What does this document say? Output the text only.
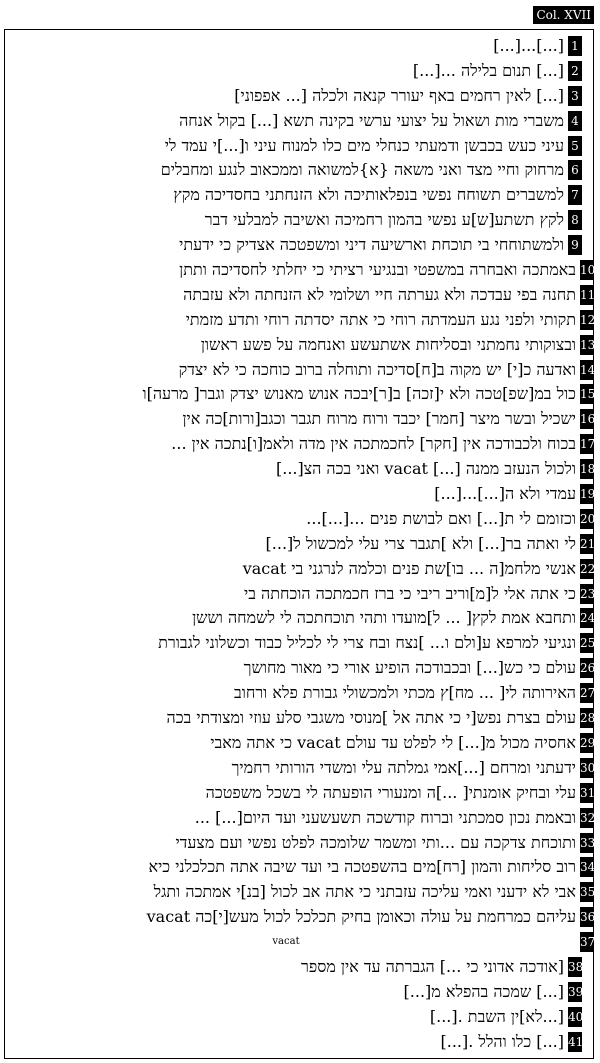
Col. XVII
[...]...[...] 1
[...] תנום בלילה ...[...] 2
[...] לאין רחמים באף יעורר קנאה ולכלה [... אפפוני] 3
משברי מות ושאול על יצועי ערשי בקינה תשא [...] בקול אנחה 4
עיני כעש בכבשן ודמעתי כנחלי מים כלו למנוח עיני ו[...]י עמד לי 5
מרחוק וחיי מצד ואני משאה {א}למשואה וממכאוב לנגע ומחבלים 6
למשברים תשוחח נפשי בנפלאותיכה ולא הזנחתני בחסדיכה מקץ 7
לקץ תשתע[ש]ע נפשי בהמון רחמיכה ואשיבה למבלעי דבר 8
ולמשתוחחי בי תוכחת וארשיעה דיני ומשפטכה אצדיק כי ידעתי 9
באמתכה ואבחרה במשפטי ובנגיעי רציתי כי יחלתי לחסדיכה ותתן 10
תחנה בפי עבדכה ולא גערתה חיי ושלומי לא הזנחתה ולא עזבתה 11
תקותי ולפני נגע העמדתה רוחי כי אתה יסדתה רוחי ותדע מזמתי 12
ובצוקותי נחמתני ובסליחות אשתעשע ואנחמה על פשע ראשון 13
ואדעה כ[י] יש מקוה ב[ח]סדיכה ותוחלה ברוב כוחכה כי לא יצדק 14
כול במ[שפ]טכה ולא י[זכה] ב[ר]יבכה אנוש מאנוש יצדק וגבר[ מרעה]ו 15
ישכיל ובשר מיצר [חמר] יכבד ורוח מרוח תגבר וכגב[ורות]כה אין 16
בכוח ולכבודכה אין [חקר] לחכמתכה אין מדה ולאמ[ו]נתכה אין ... 17
ולכול הנעזב ממנה [...] vacat ואני בכה הצ[...] 18
עמדי ולא ה[...]...[...] 19
וכזומם לי ת[...] ואם לבושת פנים ...[...]... 20
לי ואתה בר[...] ולא ]תגבר צרי עלי למכשול ל[...] 21
אנשי מלחמ[ה ... בו]שת פנים וכלמה לנרגני בי vacat 22
כי אתה אלי ל[מ]ו‍ריב ריבי כי ברז חכמתכה הוכחתה בי 23
ותחבא אמת לקץ[ ... ל]מועדו ותהי תוכחתכה לי לשמחה וששן 24
ונגיעי למרפא ע[ולם ו... ]נצח ובח צרי לי לכליל כבוד וכשלוני לגבורת 25
עולם כי כש[...] ובכבודכה הופיע אורי כי מאור מחושך 26
האירותה לי[ ... מח]ץ מכתי ולמכשולי גבורת פלא ורחוב 27
עולם בצרת נפש[י כי אתה אל ]מנוסי משגבי סלע עוזי ומצודתי בכה 28
אחסיה מכול מ[...] לי לפלט עד עולם vacat כי אתה מאבי 29
ידעתני ומרחם [...]אמי גמלתה עלי ומשדי ה‍ו‍רותי רחמיך 30
עלי ובחיק אומנתי[ ...]ה ומנעורי הופעתה לי בשכל משפטכה 31
ובאמת נכון סמכתני וברוח קודשכה תשעשעני ועד היום[...] ... 32
ותוכחת צדקכה עם ...ותי ומשמר שלומכה לפלט נפשי ועם מצעדי 33
רוב סליחות והמון [רח]מים בהשפטכה בי ועד שיבה אתה תכלכלני כיא 34
אבי לא ידעני ואמי עליכה עזבתני כי אתה אב לכול [בנ]י אמתכה ותגל 35
עליהם כמרחמת על עולה וכאומן בחיק תכלכל לכול מעש[י]כה vacat 36
vacat	37
[אודכה אדוני כי ...] הגברתה עד אין מספר 38
[...] שמכה בהפלא מ[...] 39
[...לא]ין השבת .[...] 40
[...] כלו והלל .[...] 41
